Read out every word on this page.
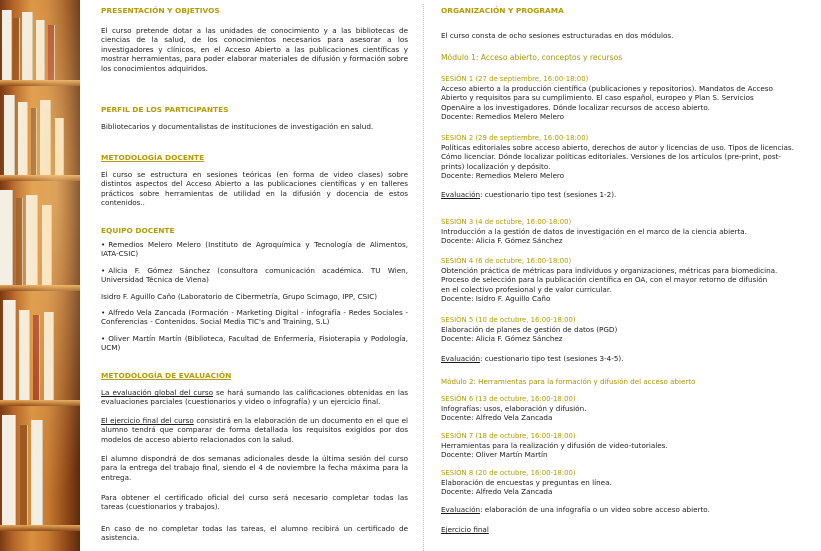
PRESENTACIÓN Y OBJETIVOS

El curso pretende dotar a las unidades de conocimiento y a las bibliotecas de ciencias de la salud, de los conocimientos necesarios para asesorar a los investigadores y clínicos, en el Acceso Abierto a las publicaciones científicas y mostrar herramientas, para poder elaborar materiales de difusión y formación sobre los conocimientos adquiridos.

PERFIL DE LOS PARTICIPANTES

Bibliotecarios y documentalistas de instituciones de investigación en salud.

METODOLOGÍA DOCENTE

El curso se estructura en sesiones teóricas (en forma de video clases) sobre distintos aspectos del Acceso Abierto a las publicaciones científicas y en talleres prácticos sobre herramientas de utilidad en la difusión y docencia de estos contenidos..

EQUIPO DOCENTE

• Remedios Melero Melero (Instituto de Agroquímica y Tecnología de Alimentos, IATA-CSIC)

• Alicia F. Gómez Sánchez (consultora comunicación académica. TU Wien, Universidad Técnica de Viena)

Isidro F. Aguillo Caño (Laboratorio de Cibermetría, Grupo Scimago, IPP, CSIC)

• Alfredo Vela Zancada (Formación - Marketing Digital - infografía - Redes Sociales - Conferencias - Contenidos. Social Media TIC's and Training, S.L)

• Oliver Martín Martín (Biblioteca, Facultad de Enfermería, Fisioterapia y Podología, UCM)

METODOLOGÍA DE EVALUACIÓN

La evaluación global del curso se hará sumando las calificaciones obtenidas en las evaluaciones parciales (cuestionarios y video o infografía) y un ejercicio final.

El ejercicio final del curso consistirá en la elaboración de un documento en el que el alumno tendrá que comparar de forma detallada los requisitos exigidos por dos modelos de acceso abierto relacionados con la salud.

El alumno dispondrá de dos semanas adicionales desde la última sesión del curso para la entrega del trabajo final, siendo el 4 de noviembre la fecha máxima para la entrega.

Para obtener el certificado oficial del curso será necesario completar todas las tareas (cuestionarios y trabajos).

En caso de no completar todas las tareas, el alumno recibirá un certificado de asistencia.

ORGANIZACIÓN Y PROGRAMA

El curso consta de ocho sesiones estructuradas en dos módulos.

Módulo 1: Acceso abierto, conceptos y recursos
SESIÓN 1 (27 de septiembre, 16:00-18:00)
Acceso abierto a la producción científica (publicaciones y repositorios). Mandatos de Acceso
Abierto y requisitos para su cumplimiento. El caso español, europeo y Plan S. Servicios
OpenAire a los investigadores. Dónde localizar recursos de acceso abierto.
Docente: Remedios Melero Melero
SESIÓN 2 (29 de septiembre, 16:00-18:00)
Políticas editoriales sobre acceso abierto, derechos de autor y licencias de uso. Tipos de licencias.
Cómo licenciar. Dónde localizar políticas editoriales. Versiones de los artículos (pre-print, post-
prints) localización y depósito.
Docente: Remedios Melero Melero
Evaluación: cuestionario tipo test (sesiones 1-2).
SESIÓN 3 (4 de octubre, 16:00-18:00)
Introducción a la gestión de datos de investigación en el marco de la ciencia abierta.
Docente: Alicia F. Gómez Sánchez
SESIÓN 4 (6 de octubre, 16:00-18:00)
Obtención práctica de métricas para individuos y organizaciones, métricas para biomedicina.
Proceso de selección para la publicación científica en OA, con el mayor retorno de difusión
en el colectivo profesional y de valor curricular.
Docente: Isidro F. Aguillo Caño
SESIÓN 5 (10 de octubre, 16:00-18:00)
Elaboración de planes de gestión de datos (PGD)
Docente: Alicia F. Gómez Sánchez
Evaluación: cuestionario tipo test (sesiones 3-4-5).
Módulo 2: Herramientas para la formación y difusión del acceso abierto
SESIÓN 6 (13 de octubre, 16:00-18:00)
Infografías: usos, elaboración y difusión.
Docente: Alfredo Vela Zancada
SESIÓN 7 (18 de octubre, 16:00-18:00)
Herramientas para la realización y difusión de video-tutoriales.
Docente: Oliver Martín Martín
SESIÓN 8 (20 de octubre, 16:00-18:00)
Elaboración de encuestas y preguntas en línea.
Docente: Alfredo Vela Zancada
Evaluación: elaboración de una infografía o un video sobre acceso abierto.
Ejercicio final
